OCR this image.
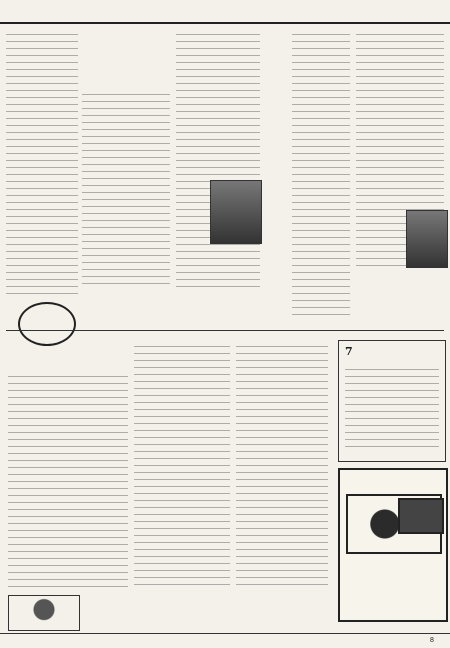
7
8
